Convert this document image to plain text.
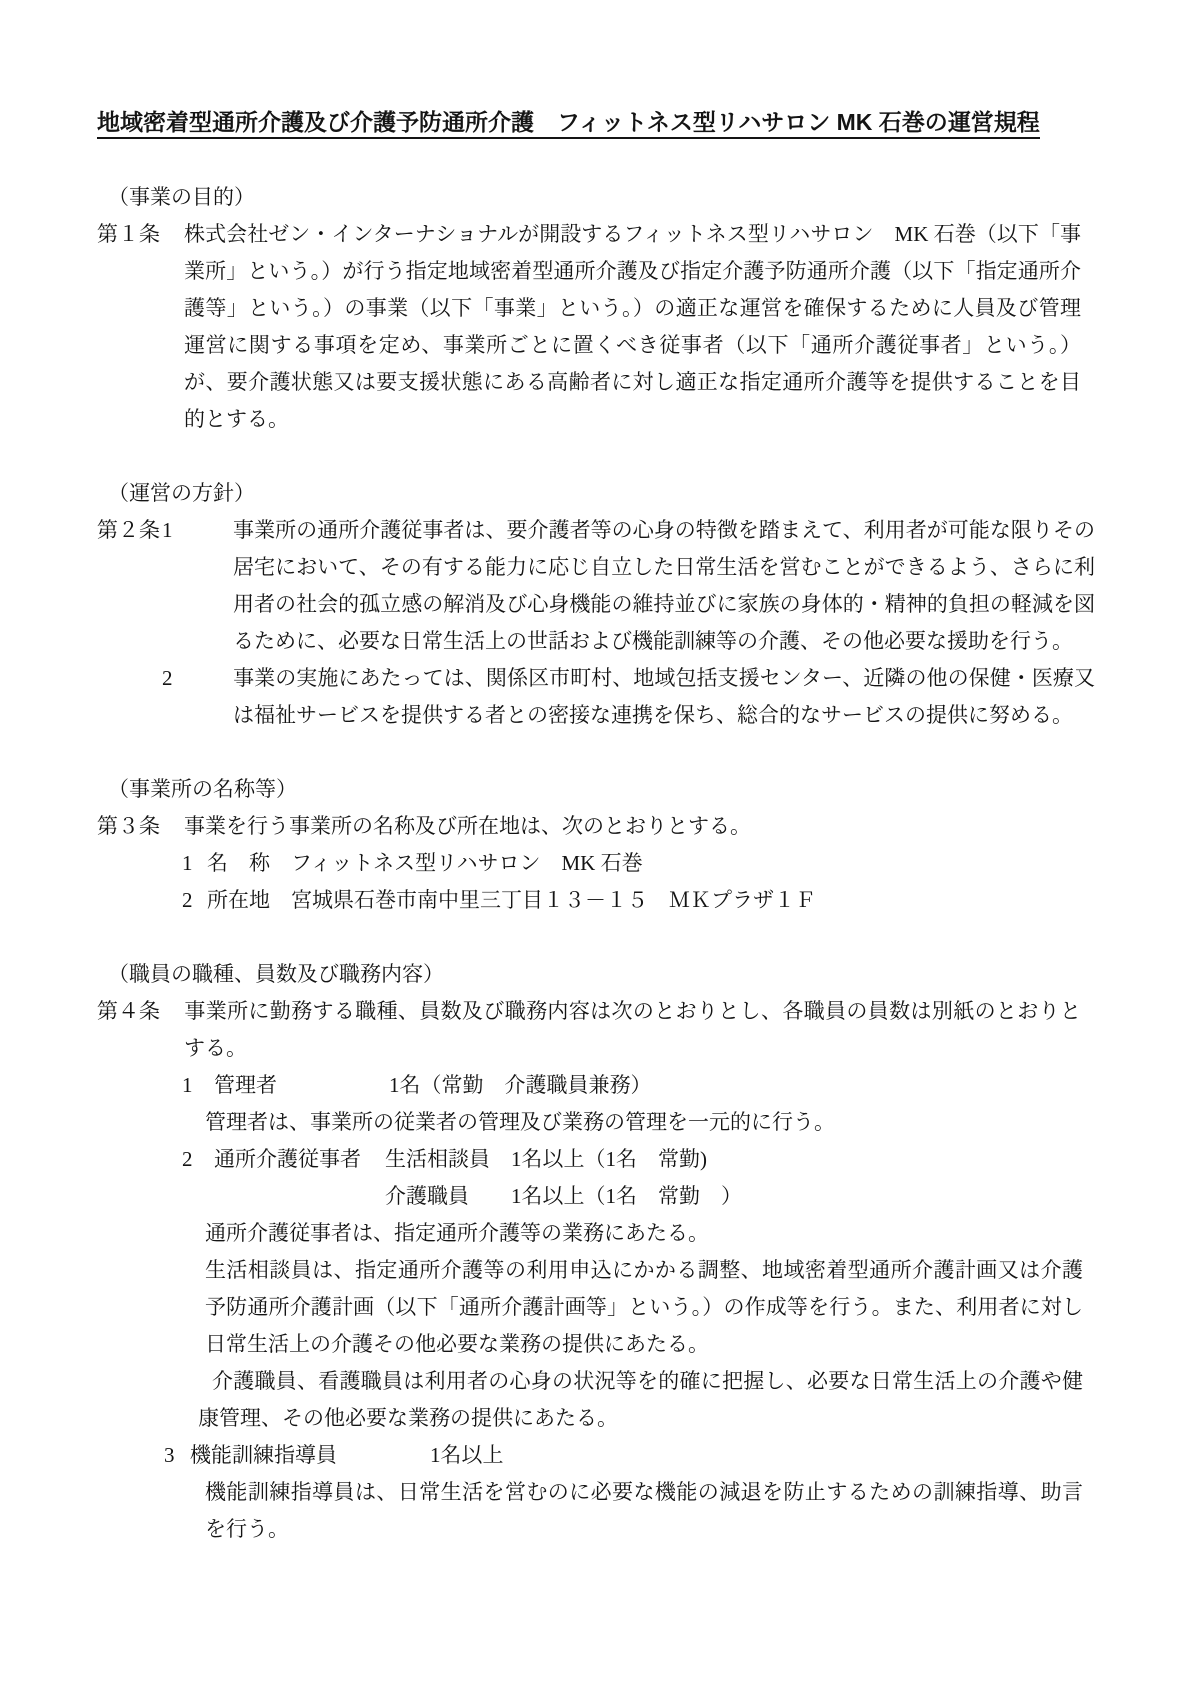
地域密着型通所介護及び介護予防通所介護　フィットネス型リハサロン MK 石巻の運営規程
（事業の目的）
第１条 株式会社ゼン・インターナショナルが開設するフィットネス型リハサロン　MK 石巻（以下「事業所」という。）が行う指定地域密着型通所介護及び指定介護予防通所介護（以下「指定通所介護等」という。）の事業（以下「事業」という。）の適正な運営を確保するために人員及び管理運営に関する事項を定め、事業所ごとに置くべき従事者（以下「通所介護従事者」という。）が、要介護状態又は要支援状態にある高齢者に対し適正な指定通所介護等を提供することを目的とする。
（運営の方針）
第２条1	事業所の通所介護従事者は、要介護者等の心身の特徴を踏まえて、利用者が可能な限りその居宅において、その有する能力に応じ自立した日常生活を営むことができるよう、さらに利用者の社会的孤立感の解消及び心身機能の維持並びに家族の身体的・精神的負担の軽減を図るために、必要な日常生活上の世話および機能訓練等の介護、その他必要な援助を行う。
2	事業の実施にあたっては、関係区市町村、地域包括支援センター、近隣の他の保健・医療又は福祉サービスを提供する者との密接な連携を保ち、総合的なサービスの提供に努める。
（事業所の名称等）
第３条 事業を行う事業所の名称及び所在地は、次のとおりとする。
1 名　称　フィットネス型リハサロン　MK 石巻
2 所在地　宮城県石巻市南中里三丁目１３－１５　ＭＫプラザ１Ｆ
（職員の職種、員数及び職務内容）
第４条 事業所に勤務する職種、員数及び職務内容は次のとおりとし、各職員の員数は別紙のとおりとする。
1 管理者	1名（常勤　介護職員兼務）
管理者は、事業所の従業者の管理及び業務の管理を一元的に行う。
2 通所介護従事者 生活相談員 1名以上（1名　常勤)
介護職員 1名以上（1名　常勤　）
通所介護従事者は、指定通所介護等の業務にあたる。
生活相談員は、指定通所介護等の利用申込にかかる調整、地域密着型通所介護計画又は介護予防通所介護計画（以下「通所介護計画等」という。）の作成等を行う。また、利用者に対し日常生活上の介護その他必要な業務の提供にあたる。
介護職員、看護職員は利用者の心身の状況等を的確に把握し、必要な日常生活上の介護や健康管理、その他必要な業務の提供にあたる。
3 機能訓練指導員	1名以上
機能訓練指導員は、日常生活を営むのに必要な機能の減退を防止するための訓練指導、助言を行う。
